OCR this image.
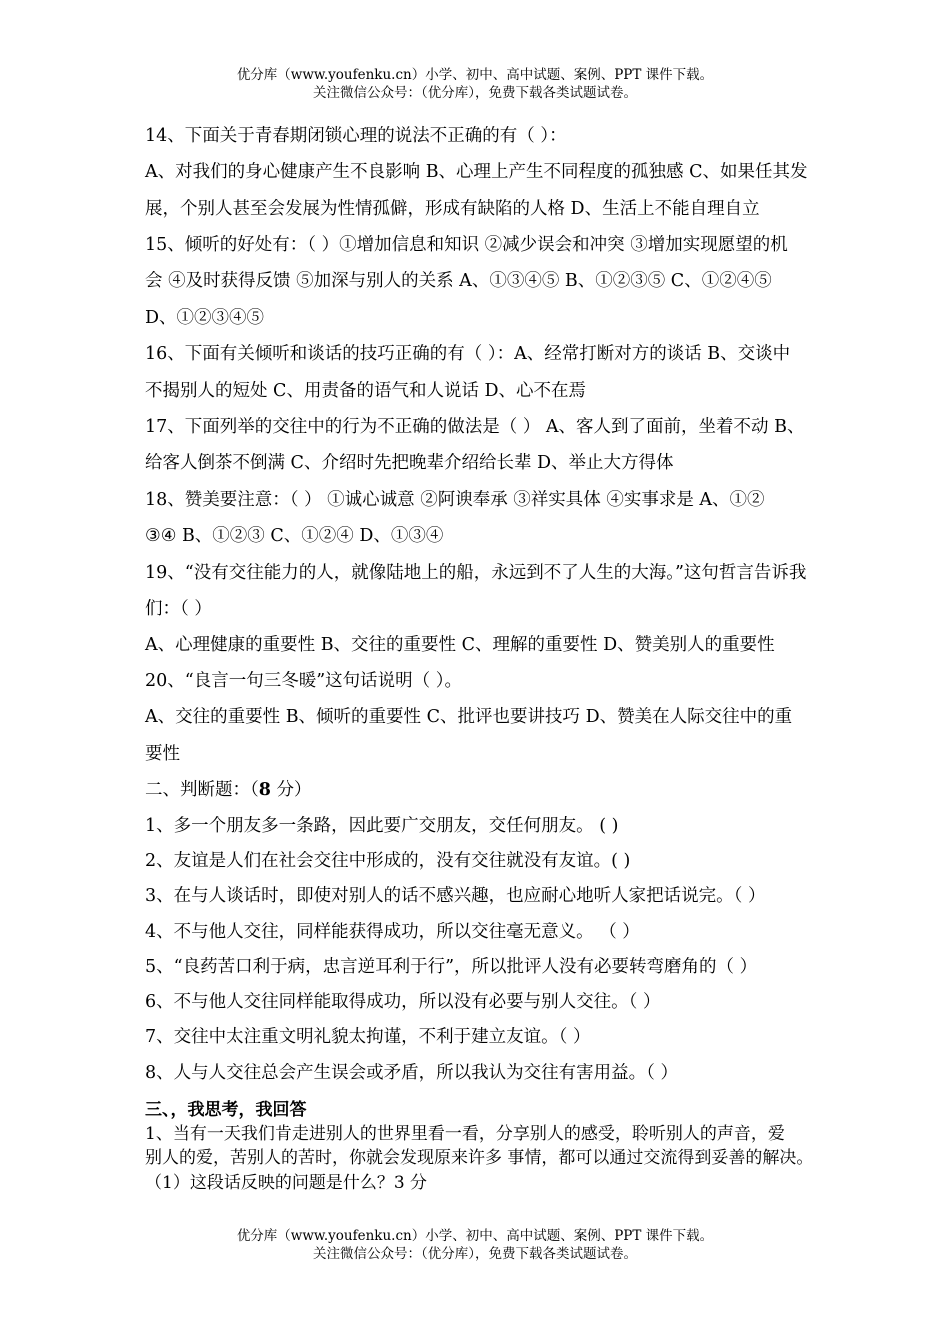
优分库（www.youfenku.cn）小学、初中、高中试题、案例、PPT 课件下载。
关注微信公众号：（优分库），免费下载各类试题试卷。
14、下面关于青春期闭锁心理的说法不正确的有（ ）：
A、对我们的身心健康产生不良影响 B、心理上产生不同程度的孤独感 C、如果任其发
展，个别人甚至会发展为性情孤僻，形成有缺陷的人格 D、生活上不能自理自立
15、倾听的好处有：（ ）①增加信息和知识 ②减少误会和冲突 ③增加实现愿望的机
会 ④及时获得反馈 ⑤加深与别人的关系 A、①③④⑤ B、①②③⑤ C、①②④⑤
D、①②③④⑤
16、下面有关倾听和谈话的技巧正确的有（ ）：A、经常打断对方的谈话 B、交谈中
不揭别人的短处 C、用责备的语气和人说话 D、心不在焉
17、下面列举的交往中的行为不正确的做法是（ ） A、客人到了面前，坐着不动 B、
给客人倒茶不倒满 C、介绍时先把晚辈介绍给长辈 D、举止大方得体
18、赞美要注意：（ ） ①诚心诚意 ②阿谀奉承 ③祥实具体 ④实事求是 A、①②
③④ B、①②③ C、①②④ D、①③④
19、“没有交往能力的人，就像陆地上的船，永远到不了人生的大海。”这句哲言告诉我
们：（ ）
A、心理健康的重要性 B、交往的重要性 C、理解的重要性 D、赞美别人的重要性
20、“良言一句三冬暖”这句话说明（ ）。
A、交往的重要性 B、倾听的重要性 C、批评也要讲技巧 D、赞美在人际交往中的重
要性
二、判断题：（8 分）
1、多一个朋友多一条路，因此要广交朋友，交任何朋友。 ( )
2、友谊是人们在社会交往中形成的，没有交往就没有友谊。( )
3、在与人谈话时，即使对别人的话不感兴趣，也应耐心地听人家把话说完。（ ）
4、不与他人交往，同样能获得成功，所以交往毫无意义。 （ ）
5、“良药苦口利于病，忠言逆耳利于行”，所以批评人没有必要转弯磨角的（ ）
6、不与他人交往同样能取得成功，所以没有必要与别人交往。（ ）
7、交往中太注重文明礼貌太拘谨，不利于建立友谊。（ ）
8、人与人交往总会产生误会或矛盾，所以我认为交往有害用益。（ ）
三、，我思考，我回答
1、当有一天我们肯走进别人的世界里看一看，分享别人的感受，聆听别人的声音，爱
别人的爱，苦别人的苦时，你就会发现原来许多 事情，都可以通过交流得到妥善的解决。
（1）这段话反映的问题是什么？3 分
优分库（www.youfenku.cn）小学、初中、高中试题、案例、PPT 课件下载。
关注微信公众号：（优分库），免费下载各类试题试卷。
